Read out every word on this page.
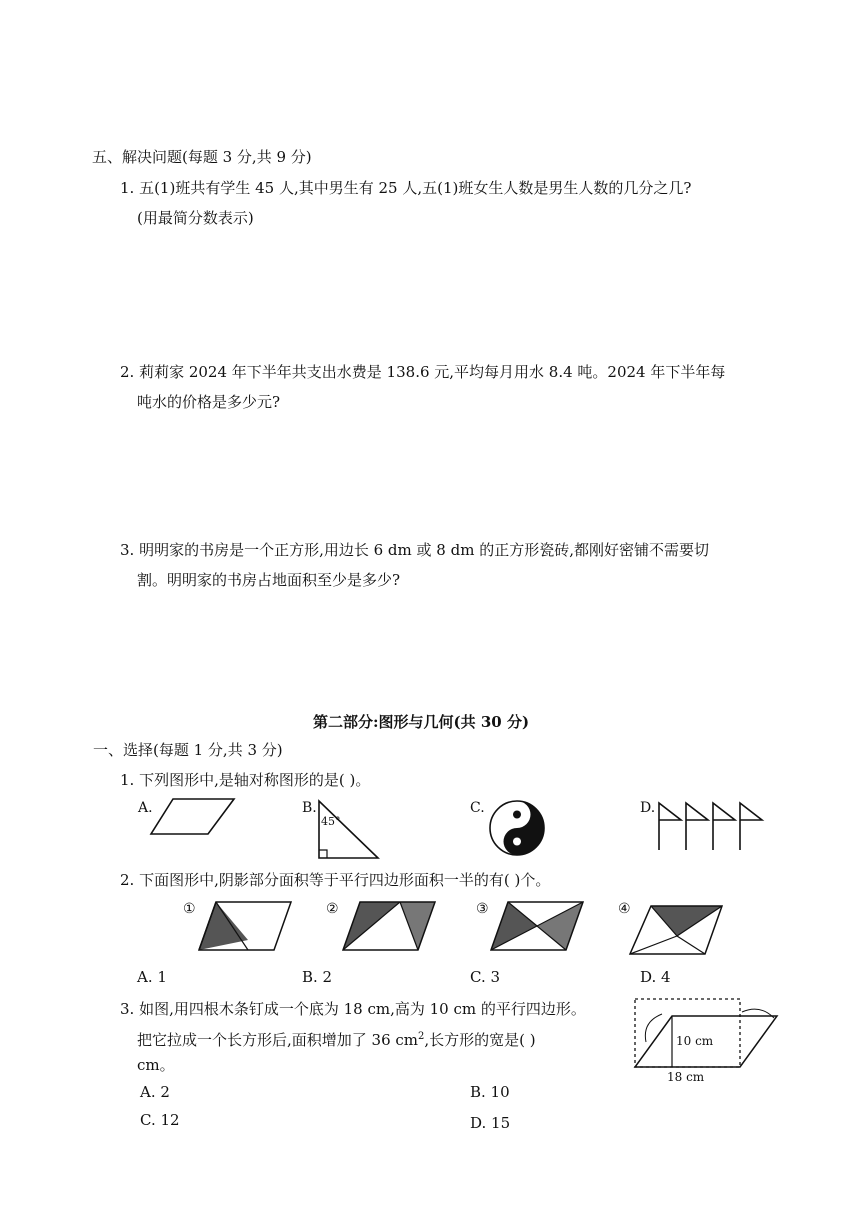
五、解决问题(每题 3 分,共 9 分)
1. 五(1)班共有学生 45 人,其中男生有 25 人,五(1)班女生人数是男生人数的几分之几?
(用最简分数表示)
2. 莉莉家 2024 年下半年共支出水费是 138.6 元,平均每月用水 8.4 吨。2024 年下半年每
吨水的价格是多少元?
3. 明明家的书房是一个正方形,用边长 6 dm 或 8 dm 的正方形瓷砖,都刚好密铺不需要切
割。明明家的书房占地面积至少是多少?
第二部分:图形与几何(共 30 分)
一、选择(每题 1 分,共 3 分)
1. 下列图形中,是轴对称图形的是( )。
A.	B.
45°
C.	D.
2. 下面图形中,阴影部分面积等于平行四边形面积一半的有( )个。
①	②	③	④
A. 1	B. 2	C. 3	D. 4
3. 如图,用四根木条钉成一个底为 18 cm,高为 10 cm 的平行四边形。
把它拉成一个长方形后,面积增加了 36 $cm^2$,长方形的宽是( )
cm。
10 cm
18 cm
A. 2	B. 10
C. 12	D. 15
